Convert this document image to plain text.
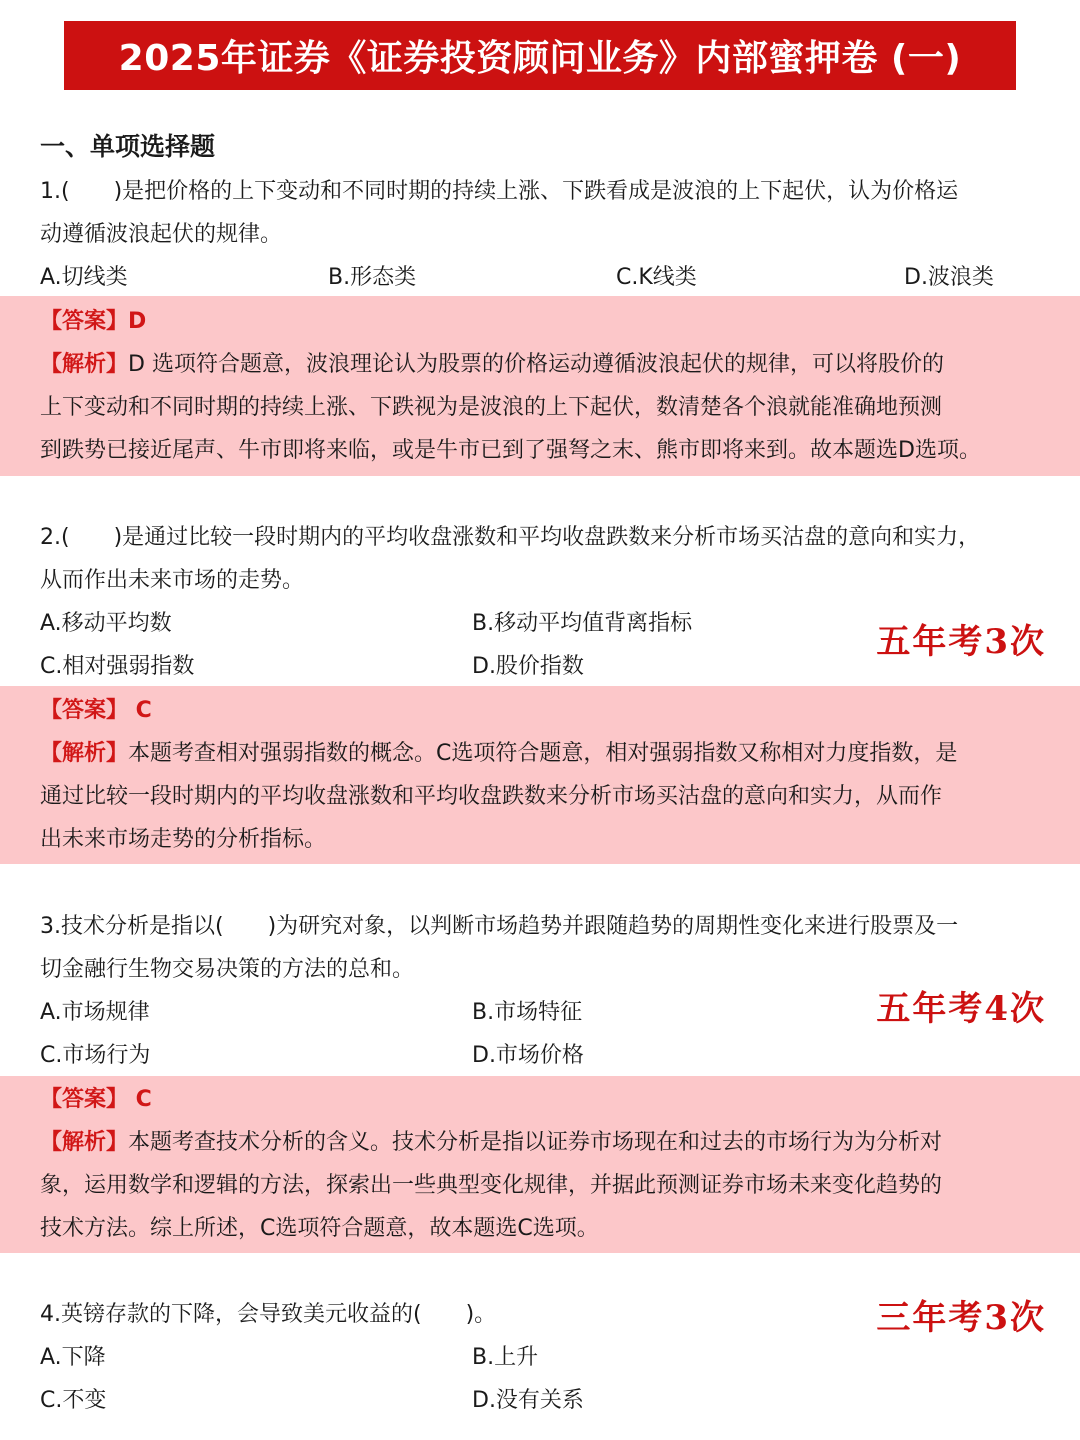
2025年证券《证券投资顾问业务》内部蜜押卷 (一)
一、单项选择题
1.(　　)是把价格的上下变动和不同时期的持续上涨、下跌看成是波浪的上下起伏，认为价格运
动遵循波浪起伏的规律。
A.切线类	B.形态类	C.K线类	D.波浪类
【答案】D
【解析】D 选项符合题意，波浪理论认为股票的价格运动遵循波浪起伏的规律，可以将股价的
上下变动和不同时期的持续上涨、下跌视为是波浪的上下起伏，数清楚各个浪就能准确地预测
到跌势已接近尾声、牛市即将来临，或是牛市已到了强弩之末、熊市即将来到。故本题选D选项。
2.(　　)是通过比较一段时期内的平均收盘涨数和平均收盘跌数来分析市场买沽盘的意向和实力，
从而作出未来市场的走势。
A.移动平均数	B.移动平均值背离指标
C.相对强弱指数	D.股价指数
五年考3次
【答案】 C
【解析】本题考查相对强弱指数的概念。C选项符合题意，相对强弱指数又称相对力度指数，是
通过比较一段时期内的平均收盘涨数和平均收盘跌数来分析市场买沽盘的意向和实力，从而作
出未来市场走势的分析指标。
3.技术分析是指以(　　)为研究对象，以判断市场趋势并跟随趋势的周期性变化来进行股票及一
切金融行生物交易决策的方法的总和。
A.市场规律	B.市场特征
C.市场行为	D.市场价格
五年考4次
【答案】 C
【解析】本题考查技术分析的含义。技术分析是指以证券市场现在和过去的市场行为为分析对
象，运用数学和逻辑的方法，探索出一些典型变化规律，并据此预测证券市场未来变化趋势的
技术方法。综上所述，C选项符合题意，故本题选C选项。
4.英镑存款的下降，会导致美元收益的(　　)。
A.下降	B.上升
C.不变	D.没有关系
三年考3次
